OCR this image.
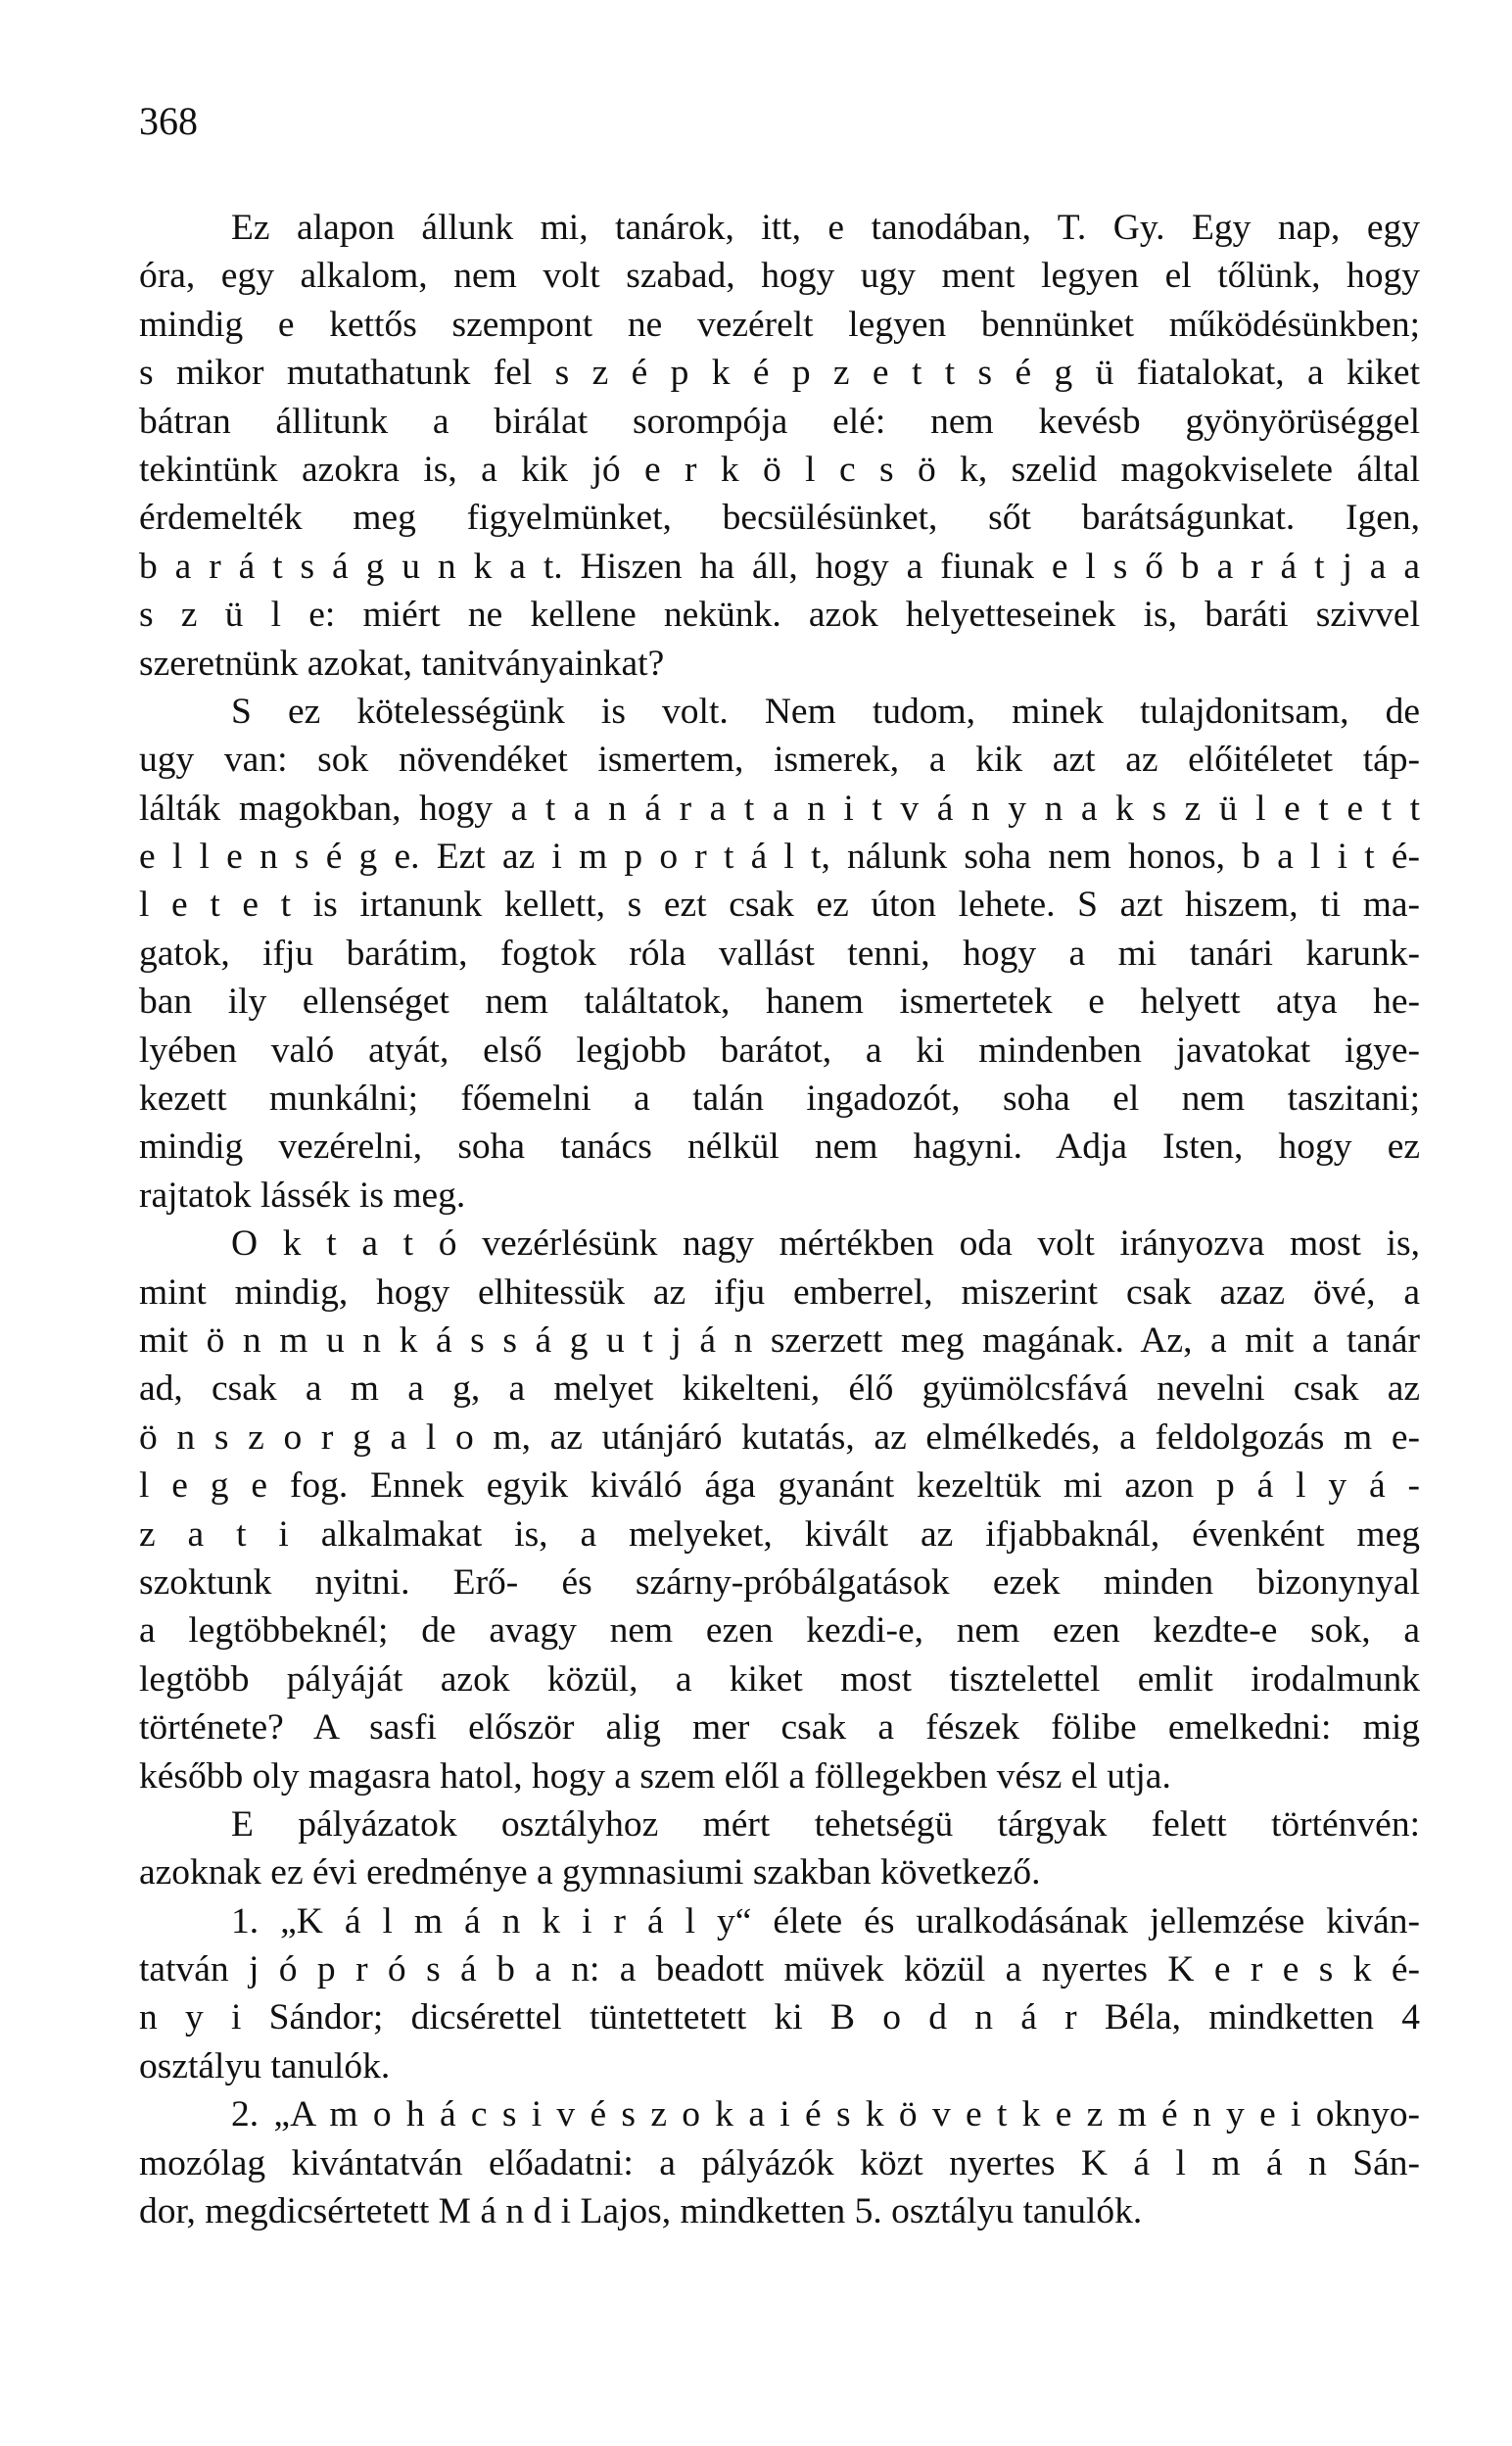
368
Ez alapon állunk mi, tanárok, itt, e tanodában, T. Gy. Egy nap, egy
óra, egy alkalom, nem volt szabad, hogy ugy ment legyen el tőlünk, hogy
mindig e kettős szempont ne vezérelt legyen bennünket működésünkben;
s mikor mutathatunk fel s z é p k é p z e t t s é g ü fiatalokat, a kiket
bátran állitunk a birálat sorompója elé: nem kevésb gyönyörüséggel
tekintünk azokra is, a kik jó e r k ö l c s ö k, szelid magokviselete által
érdemelték meg figyelmünket, becsülésünket, sőt barátságunkat. Igen,
b a r á t s á g u n k a t. Hiszen ha áll, hogy a fiunak e l s ő b a r á t j a a
s z ü l e: miért ne kellene nekünk. azok helyetteseinek is, baráti szivvel
szeretnünk azokat, tanitványainkat?
S ez kötelességünk is volt. Nem tudom, minek tulajdonitsam, de
ugy van: sok növendéket ismertem, ismerek, a kik azt az előitéletet táp-
lálták magokban, hogy a t a n á r a t a n i t v á n y n a k s z ü l e t e t t
e l l e n s é g e. Ezt az i m p o r t á l t, nálunk soha nem honos, b a l i t é-
l e t e t is irtanunk kellett, s ezt csak ez úton lehete. S azt hiszem, ti ma-
gatok, ifju barátim, fogtok róla vallást tenni, hogy a mi tanári karunk-
ban ily ellenséget nem találtatok, hanem ismertetek e helyett atya he-
lyében való atyát, első legjobb barátot, a ki mindenben javatokat igye-
kezett munkálni; főemelni a talán ingadozót, soha el nem taszitani;
mindig vezérelni, soha tanács nélkül nem hagyni. Adja Isten, hogy ez
rajtatok lássék is meg.
O k t a t ó vezérlésünk nagy mértékben oda volt irányozva most is,
mint mindig, hogy elhitessük az ifju emberrel, miszerint csak azaz övé, a
mit ö n m u n k á s s á g u t j á n szerzett meg magának. Az, a mit a tanár
ad, csak a m a g, a melyet kikelteni, élő gyümölcsfává nevelni csak az
ö n s z o r g a l o m, az utánjáró kutatás, az elmélkedés, a feldolgozás m e-
l e g e fog. Ennek egyik kiváló ága gyanánt kezeltük mi azon p á l y á -
z a t i alkalmakat is, a melyeket, kivált az ifjabbaknál, évenként meg
szoktunk nyitni. Erő- és szárny-próbálgatások ezek minden bizonynyal
a legtöbbeknél; de avagy nem ezen kezdi-e, nem ezen kezdte-e sok, a
legtöbb pályáját azok közül, a kiket most tisztelettel emlit irodalmunk
története? A sasfi először alig mer csak a fészek fölibe emelkedni: mig
később oly magasra hatol, hogy a szem elől a föllegekben vész el utja.
E pályázatok osztályhoz mért tehetségü tárgyak felett történvén:
azoknak ez évi eredménye a gymnasiumi szakban következő.
1. „K á l m á n k i r á l y“ élete és uralkodásának jellemzése kiván-
tatván j ó p r ó s á b a n: a beadott müvek közül a nyertes K e r e s k é-
n y i Sándor; dicsérettel tüntettetett ki B o d n á r Béla, mindketten 4
osztályu tanulók.
2. „A m o h á c s i v é s z o k a i é s k ö v e t k e z m é n y e i oknyo-
mozólag kivántatván előadatni: a pályázók közt nyertes K á l m á n Sán-
dor, megdicsértetett M á n d i Lajos, mindketten 5. osztályu tanulók.
